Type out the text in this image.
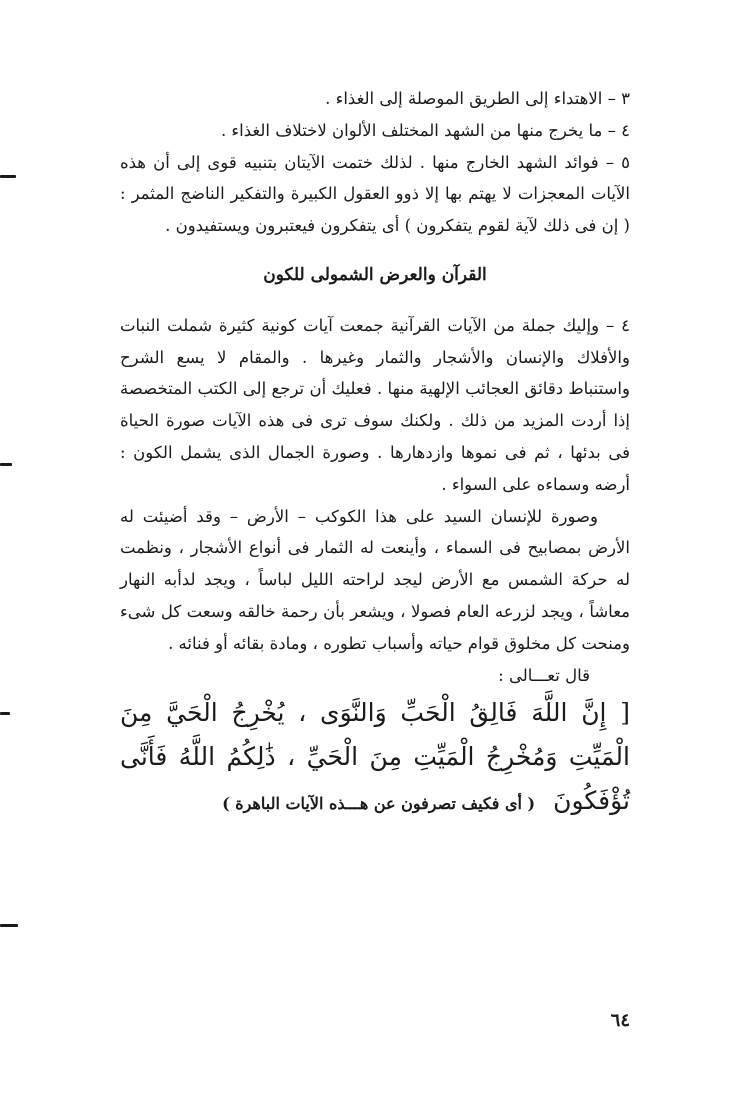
٣ – الاهتداء إلى الطريق الموصلة إلى الغذاء .

٤ – ما يخرج منها من الشهد المختلف الألوان لاختلاف الغذاء .

٥ – فوائد الشهد الخارج منها . لذلك ختمت الآيتان بتنبيه قوى إلى أن هذه الآيات المعجزات لا يهتم بها إلا ذوو العقول الكبيرة والتفكير الناضج المثمر : ( إن فى ذلك لآية لقوم يتفكرون ) أى يتفكرون فيعتبرون ويستفيدون .

القرآن والعرض الشمولى للكون

٤ – وإليك جملة من الآيات القرآنية جمعت آيات كونية كثيرة شملت النبات والأفلاك والإنسان والأشجار والثمار وغيرها . والمقام لا يسع الشرح واستنباط دقائق العجائب الإلهية منها . فعليك أن ترجع إلى الكتب المتخصصة إذا أردت المزيد من ذلك . ولكنك سوف ترى فى هذه الآيات صورة الحياة فى بدئها ، ثم فى نموها وازدهارها . وصورة الجمال الذى يشمل الكون : أرضه وسماءه على السواء .

وصورة للإنسان السيد على هذا الكوكب – الأرض – وقد أضيئت له الأرض بمصابيح فى السماء ، وأينعت له الثمار فى أنواع الأشجار ، ونظمت له حركة الشمس مع الأرض ليجد لراحته الليل لباساً ، ويجد لدأبه النهار معاشاً ، ويجد لزرعه العام فصولا ، ويشعر بأن رحمة خالقه وسعت كل شىء ومنحت كل مخلوق قوام حياته وأسباب تطوره ، ومادة بقائه أو فنائه .

قال تعـــالى :

[ إِنَّ اللَّهَ فَالِقُ الْحَبِّ وَالنَّوَى ، يُخْرِجُ الْحَيَّ مِنَ الْمَيِّتِ وَمُخْرِجُ الْمَيِّتِ مِنَ الْحَيِّ ، ذَٰلِكُمُ اللَّهُ فَأَنَّى تُؤْفَكُونَ( أى فكيف تصرفون عن هـــذه الآيات الباهرة )

٦٤
